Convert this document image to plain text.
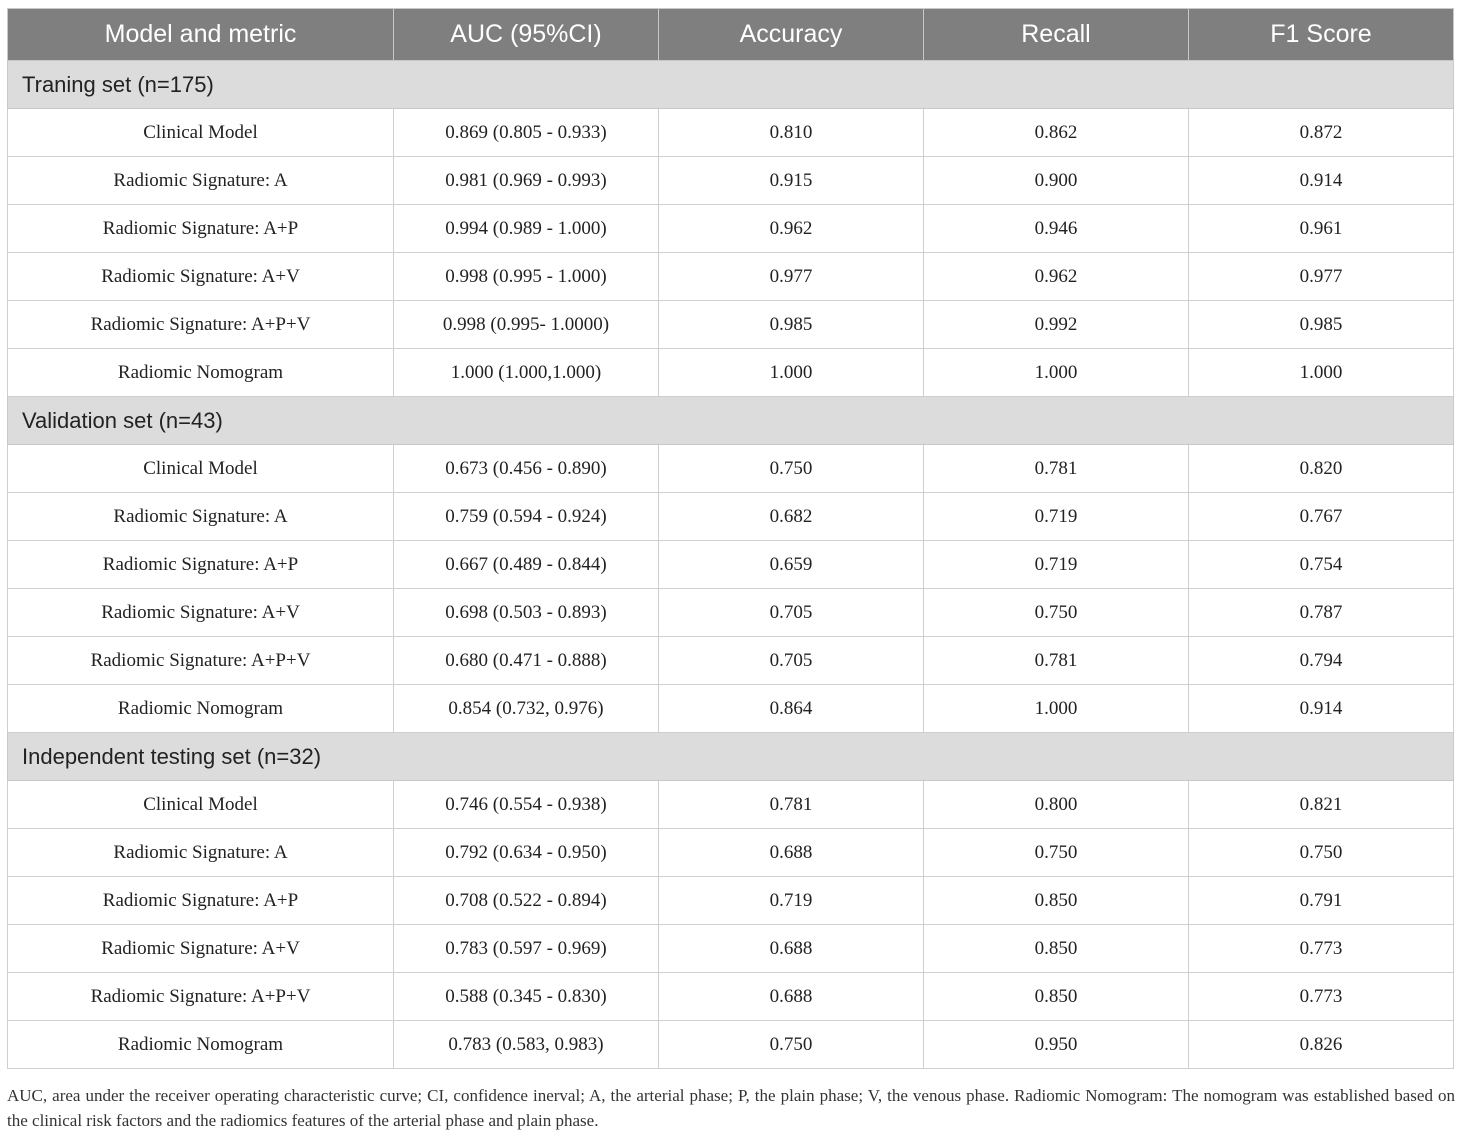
Model and metric	AUC (95%CI)	Accuracy	Recall	F1 Score
Traning set (n=175)				
Clinical Model	0.869 (0.805 - 0.933)	0.810	0.862	0.872
Radiomic Signature: A	0.981 (0.969 - 0.993)	0.915	0.900	0.914
Radiomic Signature: A+P	0.994 (0.989 - 1.000)	0.962	0.946	0.961
Radiomic Signature: A+V	0.998 (0.995 - 1.000)	0.977	0.962	0.977
Radiomic Signature: A+P+V	0.998 (0.995- 1.0000)	0.985	0.992	0.985
Radiomic Nomogram	1.000 (1.000,1.000)	1.000	1.000	1.000
Validation set (n=43)				
Clinical Model	0.673 (0.456 - 0.890)	0.750	0.781	0.820
Radiomic Signature: A	0.759 (0.594 - 0.924)	0.682	0.719	0.767
Radiomic Signature: A+P	0.667 (0.489 - 0.844)	0.659	0.719	0.754
Radiomic Signature: A+V	0.698 (0.503 - 0.893)	0.705	0.750	0.787
Radiomic Signature: A+P+V	0.680 (0.471 - 0.888)	0.705	0.781	0.794
Radiomic Nomogram	0.854 (0.732, 0.976)	0.864	1.000	0.914
Independent testing set (n=32)				
Clinical Model	0.746 (0.554 - 0.938)	0.781	0.800	0.821
Radiomic Signature: A	0.792 (0.634 - 0.950)	0.688	0.750	0.750
Radiomic Signature: A+P	0.708 (0.522 - 0.894)	0.719	0.850	0.791
Radiomic Signature: A+V	0.783 (0.597 - 0.969)	0.688	0.850	0.773
Radiomic Signature: A+P+V	0.588 (0.345 - 0.830)	0.688	0.850	0.773
Radiomic Nomogram	0.783 (0.583, 0.983)	0.750	0.950	0.826
AUC, area under the receiver operating characteristic curve; CI, confidence inerval; A, the arterial phase; P, the plain phase; V, the venous phase. Radiomic Nomogram: The nomogram was established based on the clinical risk factors and the radiomics features of the arterial phase and plain phase.
